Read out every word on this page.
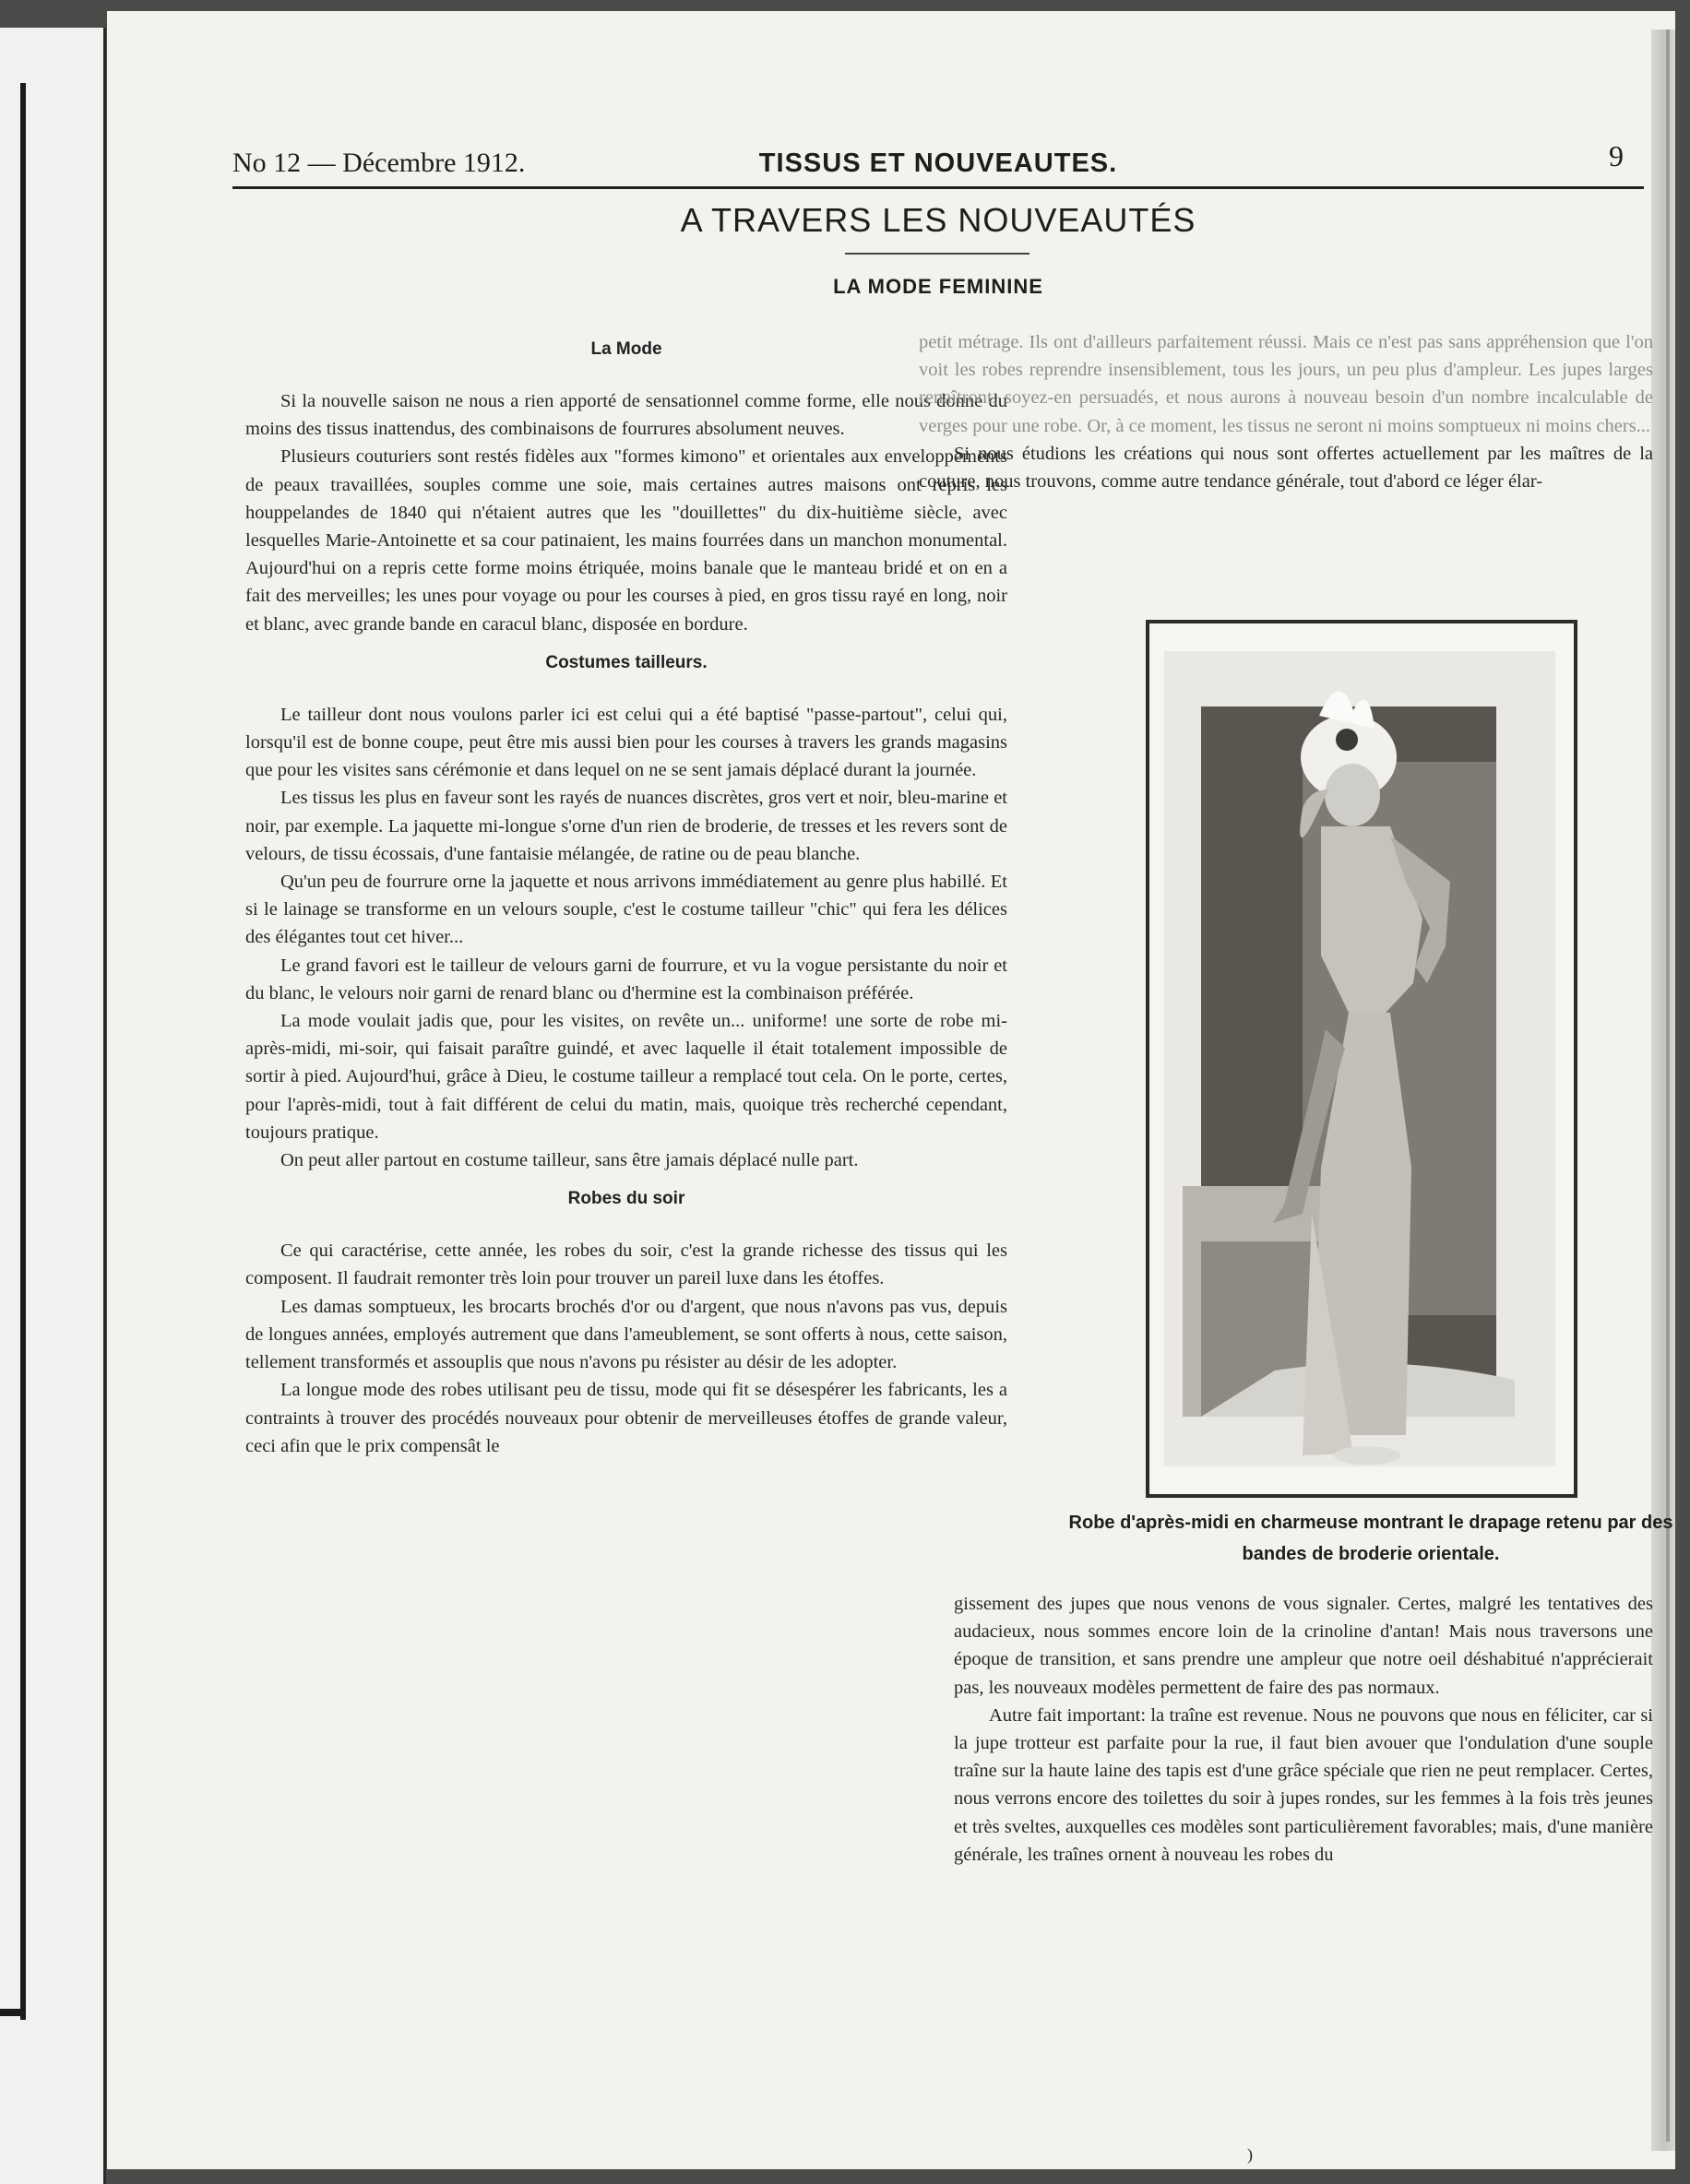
No 12 — Décembre 1912.	TISSUS ET NOUVEAUTES.	9
A TRAVERS LES NOUVEAUTÉS
LA MODE FEMININE
La Mode

Si la nouvelle saison ne nous a rien apporté de sensationnel comme forme, elle nous donne du moins des tissus inattendus, des combinaisons de fourrures absolument neuves.

Plusieurs couturiers sont restés fidèles aux "formes kimono" et orientales aux enveloppements de peaux travaillées, souples comme une soie, mais certaines autres maisons ont repris les houppelandes de 1840 qui n'étaient autres que les "douillettes" du dix-huitième siècle, avec lesquelles Marie-Antoinette et sa cour patinaient, les mains fourrées dans un manchon monumental. Aujourd'hui on a repris cette forme moins étriquée, moins banale que le manteau bridé et on en a fait des merveilles; les unes pour voyage ou pour les courses à pied, en gros tissu rayé en long, noir et blanc, avec grande bande en caracul blanc, disposée en bordure.

Costumes tailleurs.

Le tailleur dont nous voulons parler ici est celui qui a été baptisé "passe-partout", celui qui, lorsqu'il est de bonne coupe, peut être mis aussi bien pour les courses à travers les grands magasins que pour les visites sans cérémonie et dans lequel on ne se sent jamais déplacé durant la journée.

Les tissus les plus en faveur sont les rayés de nuances discrètes, gros vert et noir, bleu-marine et noir, par exemple. La jaquette mi-longue s'orne d'un rien de broderie, de tresses et les revers sont de velours, de tissu écossais, d'une fantaisie mélangée, de ratine ou de peau blanche.

Qu'un peu de fourrure orne la jaquette et nous arrivons immédiatement au genre plus habillé. Et si le lainage se transforme en un velours souple, c'est le costume tailleur "chic" qui fera les délices des élégantes tout cet hiver...

Le grand favori est le tailleur de velours garni de fourrure, et vu la vogue persistante du noir et du blanc, le velours noir garni de renard blanc ou d'hermine est la combinaison préférée.

La mode voulait jadis que, pour les visites, on revête un... uniforme! une sorte de robe mi-après-midi, mi-soir, qui faisait paraître guindé, et avec laquelle il était totalement impossible de sortir à pied. Aujourd'hui, grâce à Dieu, le costume tailleur a remplacé tout cela. On le porte, certes, pour l'après-midi, tout à fait différent de celui du matin, mais, quoique très recherché cependant, toujours pratique.

On peut aller partout en costume tailleur, sans être jamais déplacé nulle part.

Robes du soir

Ce qui caractérise, cette année, les robes du soir, c'est la grande richesse des tissus qui les composent. Il faudrait remonter très loin pour trouver un pareil luxe dans les étoffes.

Les damas somptueux, les brocarts brochés d'or ou d'argent, que nous n'avons pas vus, depuis de longues années, employés autrement que dans l'ameublement, se sont offerts à nous, cette saison, tellement transformés et assouplis que nous n'avons pu résister au désir de les adopter.

La longue mode des robes utilisant peu de tissu, mode qui fit se désespérer les fabricants, les a contraints à trouver des procédés nouveaux pour obtenir de merveilleuses étoffes de grande valeur, ceci afin que le prix compensât le

petit métrage. Ils ont d'ailleurs parfaitement réussi. Mais ce n'est pas sans appréhension que l'on voit les robes reprendre insensiblement, tous les jours, un peu plus d'ampleur. Les jupes larges renaîtront, soyez-en persuadés, et nous aurons à nouveau besoin d'un nombre incalculable de verges pour une robe. Or, à ce moment, les tissus ne seront ni moins somptueux ni moins chers...

Si nous étudions les créations qui nous sont offertes actuellement par les maîtres de la couture, nous trouvons, comme autre tendance générale, tout d'abord ce léger élar-

Robe d'après-midi en charmeuse montrant le drapage retenu par des bandes de broderie orientale.

gissement des jupes que nous venons de vous signaler. Certes, malgré les tentatives des audacieux, nous sommes encore loin de la crinoline d'antan! Mais nous traversons une époque de transition, et sans prendre une ampleur que notre oeil déshabitué n'apprécierait pas, les nouveaux modèles permettent de faire des pas normaux.

Autre fait important: la traîne est revenue. Nous ne pouvons que nous en féliciter, car si la jupe trotteur est parfaite pour la rue, il faut bien avouer que l'ondulation d'une souple traîne sur la haute laine des tapis est d'une grâce spéciale que rien ne peut remplacer. Certes, nous verrons encore des toilettes du soir à jupes rondes, sur les femmes à la fois très jeunes et très sveltes, auxquelles ces modèles sont particulièrement favorables; mais, d'une manière générale, les traînes ornent à nouveau les robes du

)
